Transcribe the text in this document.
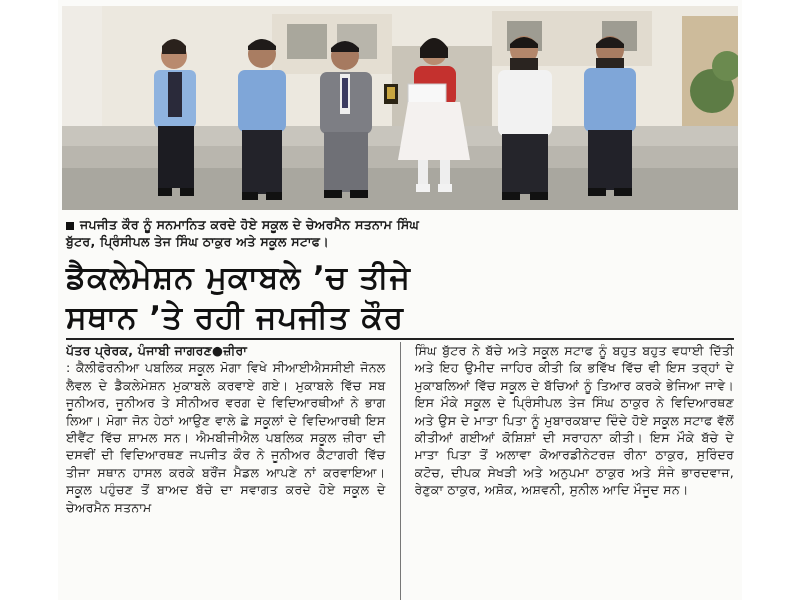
ਜਪਜੀਤ ਕੌਰ ਨੂੰ ਸਨਮਾਨਿਤ ਕਰਦੇ ਹੋਏ ਸਕੂਲ ਦੇ ਚੇਅਰਮੈਨ ਸਤਨਾਮ ਸਿੰਘ
ਬੁੱਟਰ, ਪ੍ਰਿੰਸੀਪਲ ਤੇਜ ਸਿੰਘ ਠਾਕੁਰ ਅਤੇ ਸਕੂਲ ਸਟਾਫ।
ਡੈਕਲੇਮੇਸ਼ਨ ਮੁਕਾਬਲੇ ’ਚ ਤੀਜੇ
ਸਥਾਨ ’ਤੇ ਰਹੀ ਜਪਜੀਤ ਕੌਰ

ਪੱਤਰ ਪ੍ਰੇਰਕ, ਪੰਜਾਬੀ ਜਾਗਰਣ●ਜ਼ੀਰਾ

: ਕੈਲੀਫੋਰਨੀਆ ਪਬਲਿਕ ਸਕੂਲ ਮੋਗਾ ਵਿਖੇ ਸੀਆਈਐਸਸੀਈ ਜੋਨਲ ਲੈਵਲ ਦੇ ਡੈਕਲੇਮੇਸ਼ਨ ਮੁਕਾਬਲੇ ਕਰਵਾਏ ਗਏ। ਮੁਕਾਬਲੇ ਵਿੱਚ ਸਬ ਜੂਨੀਅਰ, ਜੂਨੀਅਰ ਤੇ ਸੀਨੀਅਰ ਵਰਗ ਦੇ ਵਿਦਿਆਰਥੀਆਂ ਨੇ ਭਾਗ ਲਿਆ। ਮੋਗਾ ਜੋਨ ਹੇਠਾਂ ਆਉਣ ਵਾਲੇ ਛੇ ਸਕੂਲਾਂ ਦੇ ਵਿਦਿਆਰਥੀ ਇਸ ਈਵੈਂਟ ਵਿੱਚ ਸ਼ਾਮਲ ਸਨ। ਐਮਬੀਜੀਐਲ ਪਬਲਿਕ ਸਕੂਲ ਜ਼ੀਰਾ ਦੀ ਦਸਵੀਂ ਦੀ ਵਿਦਿਆਰਥਣ ਜਪਜੀਤ ਕੌਰ ਨੇ ਜੂਨੀਅਰ ਕੈਟਾਗਰੀ ਵਿੱਚ ਤੀਜਾ ਸਥਾਨ ਹਾਸਲ ਕਰਕੇ ਬਰੌਂਜ ਮੈਡਲ ਆਪਣੇ ਨਾਂ ਕਰਵਾਇਆ। ਸਕੂਲ ਪਹੁੰਚਣ ਤੋਂ ਬਾਅਦ ਬੱਚੇ ਦਾ ਸਵਾਗਤ ਕਰਦੇ ਹੋਏ ਸਕੂਲ ਦੇ ਚੇਅਰਮੈਨ ਸਤਨਾਮ

ਸਿੰਘ ਬੁੱਟਰ ਨੇ ਬੱਚੇ ਅਤੇ ਸਕੂਲ ਸਟਾਫ ਨੂੰ ਬਹੁਤ ਬਹੁਤ ਵਧਾਈ ਦਿੱਤੀ ਅਤੇ ਇਹ ਉਮੀਦ ਜਾਹਿਰ ਕੀਤੀ ਕਿ ਭਵਿੱਖ ਵਿੱਚ ਵੀ ਇਸ ਤਰ੍ਹਾਂ ਦੇ ਮੁਕਾਬਲਿਆਂ ਵਿੱਚ ਸਕੂਲ ਦੇ ਬੱਚਿਆਂ ਨੂੰ ਤਿਆਰ ਕਰਕੇ ਭੇਜਿਆ ਜਾਵੇ। ਇਸ ਮੌਕੇ ਸਕੂਲ ਦੇ ਪ੍ਰਿੰਸੀਪਲ ਤੇਜ ਸਿੰਘ ਠਾਕੁਰ ਨੇ ਵਿਦਿਆਰਥਣ ਅਤੇ ਉਸ ਦੇ ਮਾਤਾ ਪਿਤਾ ਨੂੰ ਮੁਬਾਰਕਬਾਦ ਦਿੰਦੇ ਹੋਏ ਸਕੂਲ ਸਟਾਫ ਵੱਲੋਂ ਕੀਤੀਆਂ ਗਈਆਂ ਕੋਸ਼ਿਸ਼ਾਂ ਦੀ ਸਰਾਹਨਾ ਕੀਤੀ। ਇਸ ਮੌਕੇ ਬੱਚੇ ਦੇ ਮਾਤਾ ਪਿਤਾ ਤੋਂ ਅਲਾਵਾ ਕੋਆਰਡੀਨੇਟਰਜ਼ ਰੀਨਾ ਠਾਕੁਰ, ਸੁਰਿੰਦਰ ਕਟੋਚ, ਦੀਪਕ ਸੇਖੜੀ ਅਤੇ ਅਨੁਪਮਾ ਠਾਕੁਰ ਅਤੇ ਸੰਜੇ ਭਾਰਦਵਾਜ, ਰੇਣੁਕਾ ਠਾਕੁਰ, ਅਸ਼ੋਕ, ਅਸ਼ਵਨੀ, ਸੁਨੀਲ ਆਦਿ ਮੌਜੂਦ ਸਨ।
